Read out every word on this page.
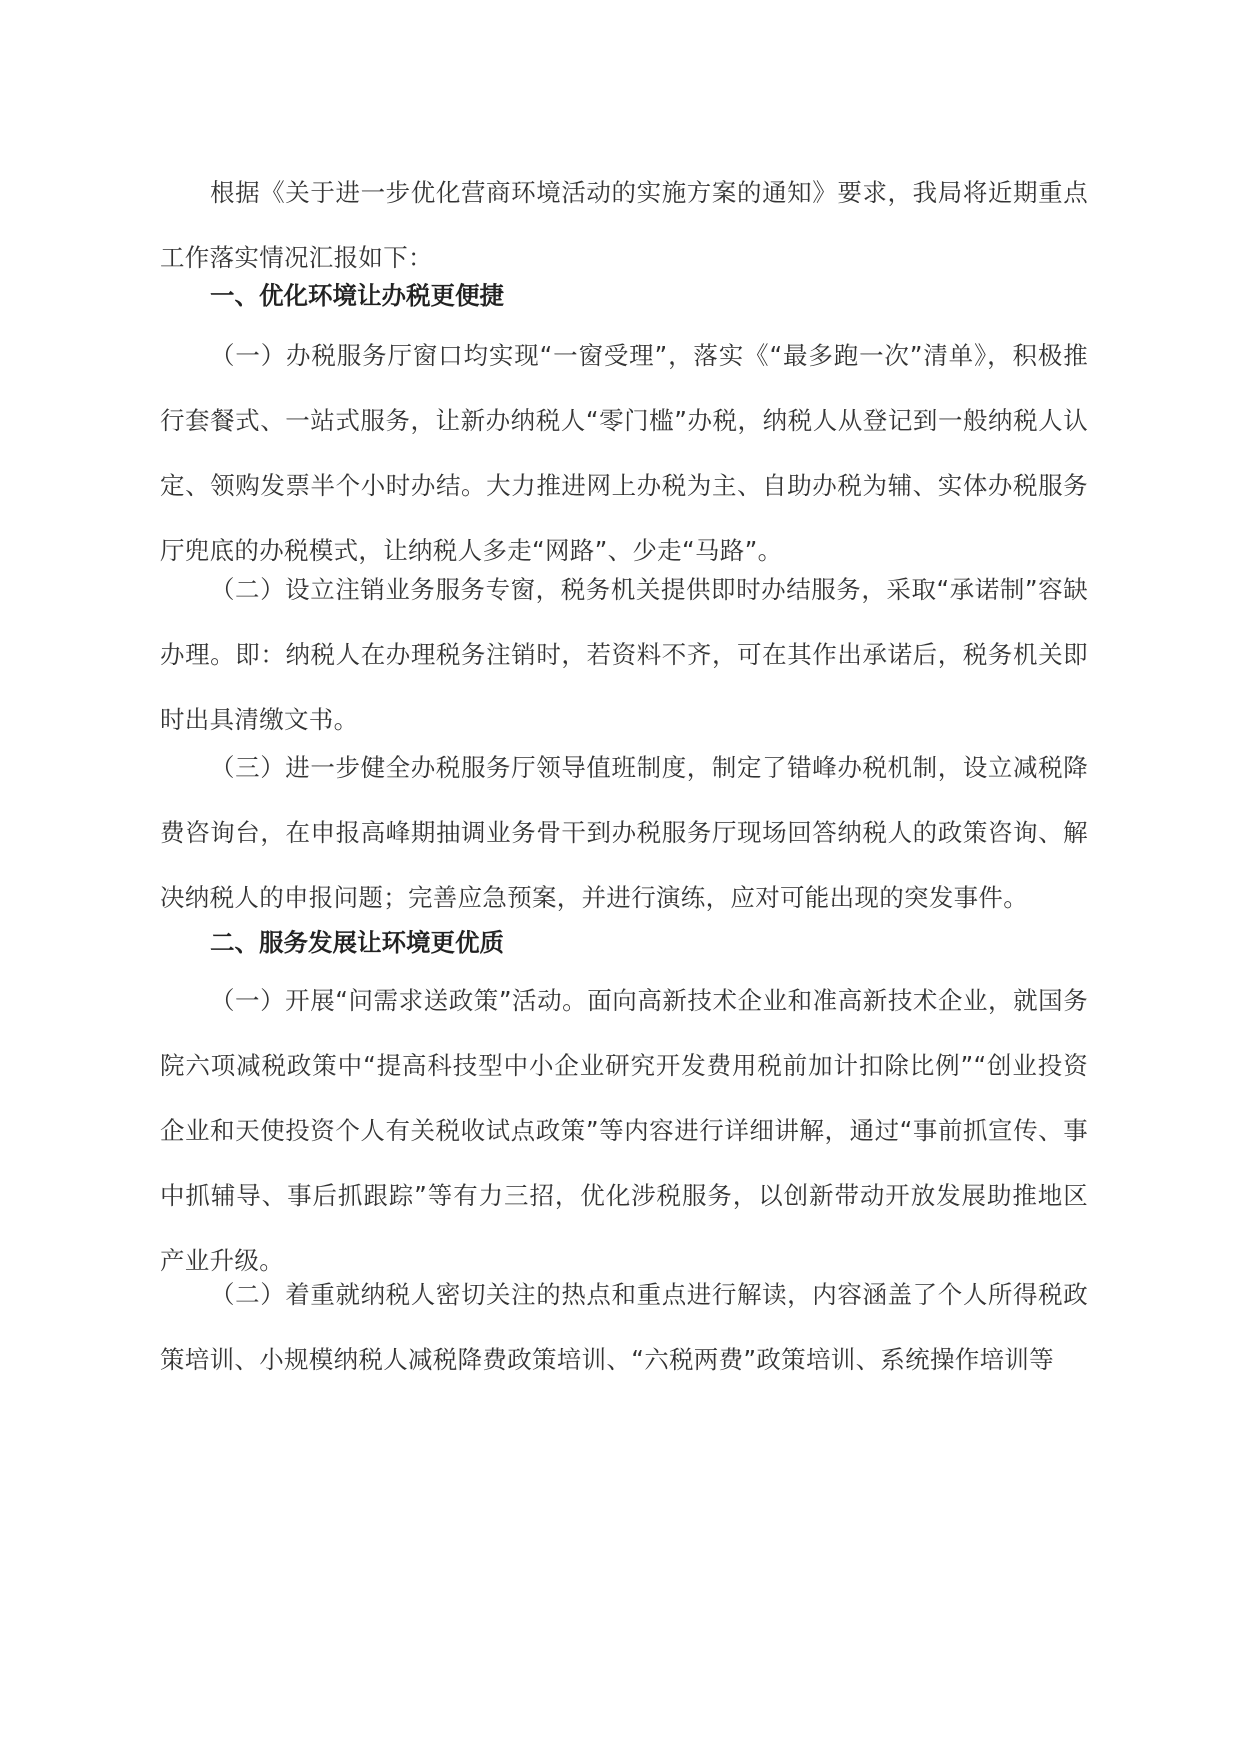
根据《关于进一步优化营商环境活动的实施方案的通知》要求，我局将近期重点工作落实情况汇报如下：

一、优化环境让办税更便捷

（一）办税服务厅窗口均实现“一窗受理”，落实《“最多跑一次”清单》，积极推行套餐式、一站式服务，让新办纳税人“零门槛”办税，纳税人从登记到一般纳税人认定、领购发票半个小时办结。大力推进网上办税为主、自助办税为辅、实体办税服务厅兜底的办税模式，让纳税人多走“网路”、少走“马路”。

（二）设立注销业务服务专窗，税务机关提供即时办结服务，采取“承诺制”容缺办理。即：纳税人在办理税务注销时，若资料不齐，可在其作出承诺后，税务机关即时出具清缴文书。

（三）进一步健全办税服务厅领导值班制度，制定了错峰办税机制，设立减税降费咨询台，在申报高峰期抽调业务骨干到办税服务厅现场回答纳税人的政策咨询、解决纳税人的申报问题；完善应急预案，并进行演练，应对可能出现的突发事件。

二、服务发展让环境更优质

（一）开展“问需求送政策”活动。面向高新技术企业和准高新技术企业，就国务院六项减税政策中“提高科技型中小企业研究开发费用税前加计扣除比例”“创业投资企业和天使投资个人有关税收试点政策”等内容进行详细讲解，通过“事前抓宣传、事中抓辅导、事后抓跟踪”等有力三招，优化涉税服务，以创新带动开放发展助推地区产业升级。

（二）着重就纳税人密切关注的热点和重点进行解读，内容涵盖了个人所得税政策培训、小规模纳税人减税降费政策培训、“六税两费”政策培训、系统操作培训等
